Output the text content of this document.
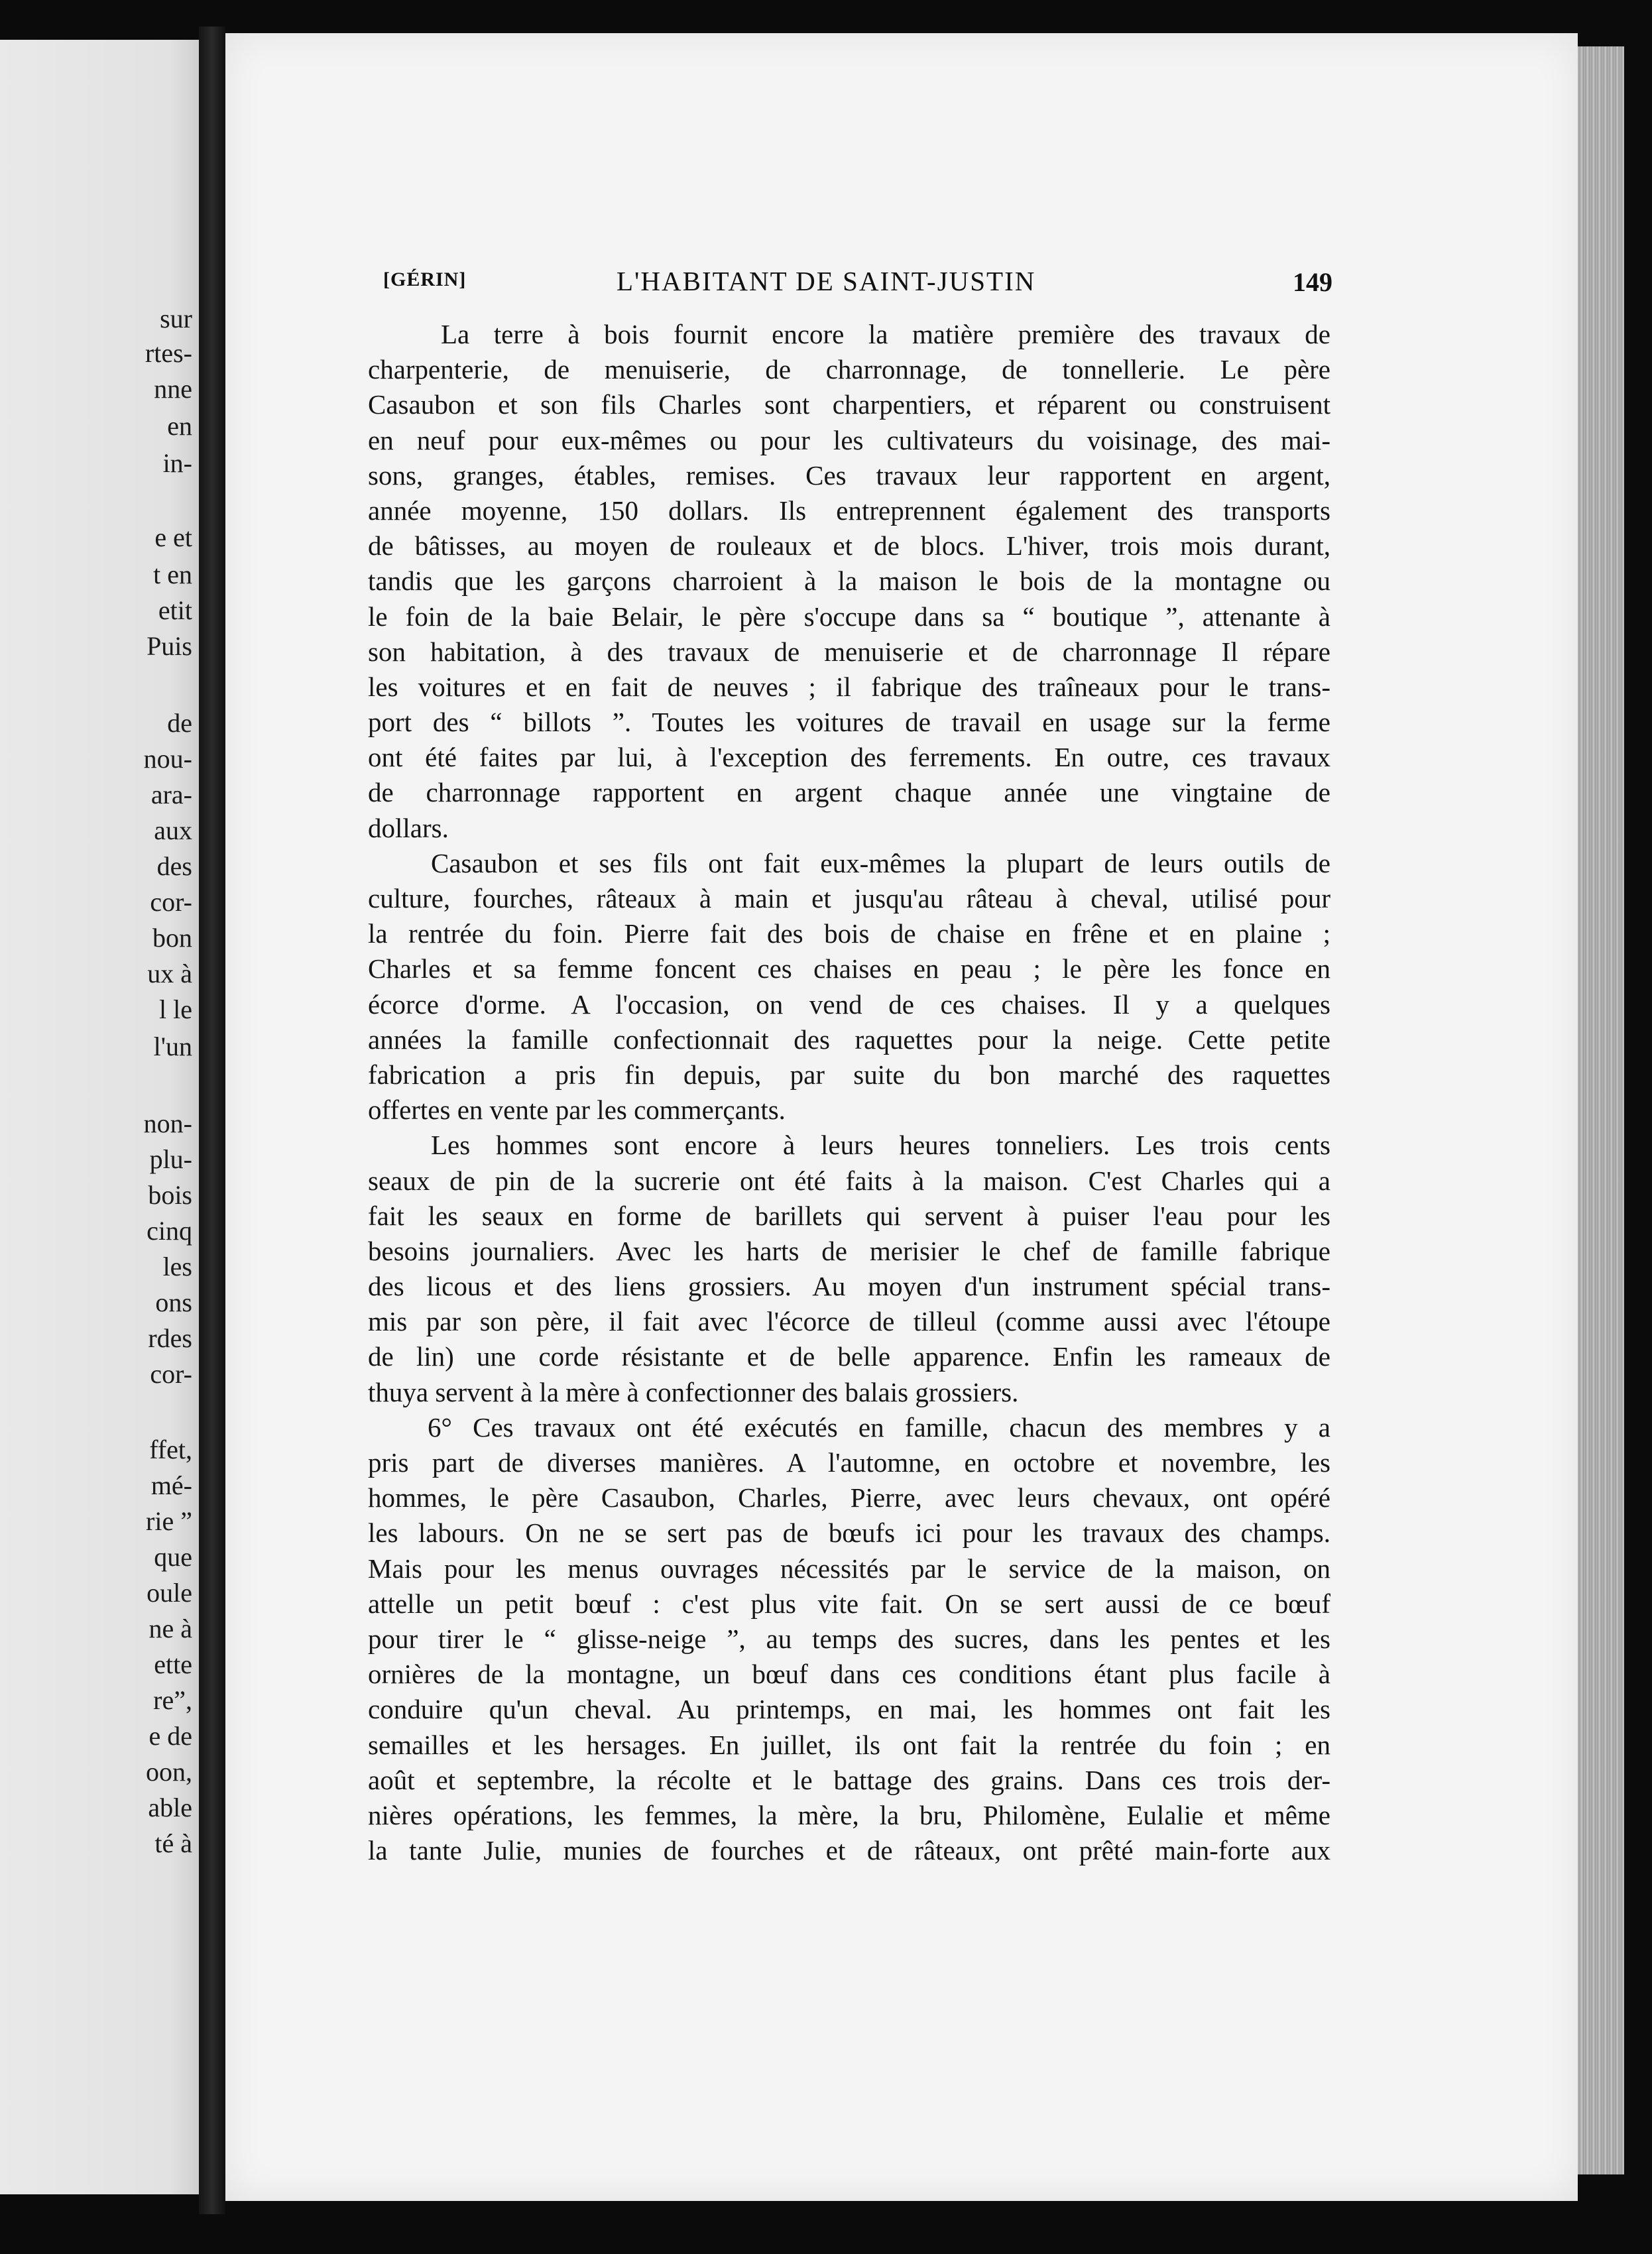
sur
rtes-
nne
en
in-
e et
t en
etit
Puis
de
nou-
ara-
aux
des
cor-
bon
ux à
l le
l'un
non-
plu-
bois
cinq
les
ons
rdes
cor-
ffet,
mé-
rie ”
que
oule
ne à
ette
re”,
e de
oon,
able
té à
[GÉRIN]	L'HABITANT DE SAINT-JUSTIN	149
La terre à bois fournit encore la matière première des travaux de
charpenterie, de menuiserie, de charronnage, de tonnellerie. Le père
Casaubon et son fils Charles sont charpentiers, et réparent ou construisent
en neuf pour eux-mêmes ou pour les cultivateurs du voisinage, des mai-
sons, granges, étables, remises. Ces travaux leur rapportent en argent,
année moyenne, 150 dollars. Ils entreprennent également des transports
de bâtisses, au moyen de rouleaux et de blocs. L'hiver, trois mois durant,
tandis que les garçons charroient à la maison le bois de la montagne ou
le foin de la baie Belair, le père s'occupe dans sa “ boutique ”, attenante à
son habitation, à des travaux de menuiserie et de charronnage Il répare
les voitures et en fait de neuves ; il fabrique des traîneaux pour le trans-
port des “ billots ”. Toutes les voitures de travail en usage sur la ferme
ont été faites par lui, à l'exception des ferrements. En outre, ces travaux
de charronnage rapportent en argent chaque année une vingtaine de
dollars.
Casaubon et ses fils ont fait eux-mêmes la plupart de leurs outils de
culture, fourches, râteaux à main et jusqu'au râteau à cheval, utilisé pour
la rentrée du foin. Pierre fait des bois de chaise en frêne et en plaine ;
Charles et sa femme foncent ces chaises en peau ; le père les fonce en
écorce d'orme. A l'occasion, on vend de ces chaises. Il y a quelques
années la famille confectionnait des raquettes pour la neige. Cette petite
fabrication a pris fin depuis, par suite du bon marché des raquettes
offertes en vente par les commerçants.
Les hommes sont encore à leurs heures tonneliers. Les trois cents
seaux de pin de la sucrerie ont été faits à la maison. C'est Charles qui a
fait les seaux en forme de barillets qui servent à puiser l'eau pour les
besoins journaliers. Avec les harts de merisier le chef de famille fabrique
des licous et des liens grossiers. Au moyen d'un instrument spécial trans-
mis par son père, il fait avec l'écorce de tilleul (comme aussi avec l'étoupe
de lin) une corde résistante et de belle apparence. Enfin les rameaux de
thuya servent à la mère à confectionner des balais grossiers.
6° Ces travaux ont été exécutés en famille, chacun des membres y a
pris part de diverses manières. A l'automne, en octobre et novembre, les
hommes, le père Casaubon, Charles, Pierre, avec leurs chevaux, ont opéré
les labours. On ne se sert pas de bœufs ici pour les travaux des champs.
Mais pour les menus ouvrages nécessités par le service de la maison, on
attelle un petit bœuf : c'est plus vite fait. On se sert aussi de ce bœuf
pour tirer le “ glisse-neige ”, au temps des sucres, dans les pentes et les
ornières de la montagne, un bœuf dans ces conditions étant plus facile à
conduire qu'un cheval. Au printemps, en mai, les hommes ont fait les
semailles et les hersages. En juillet, ils ont fait la rentrée du foin ; en
août et septembre, la récolte et le battage des grains. Dans ces trois der-
nières opérations, les femmes, la mère, la bru, Philomène, Eulalie et même
la tante Julie, munies de fourches et de râteaux, ont prêté main-forte aux
